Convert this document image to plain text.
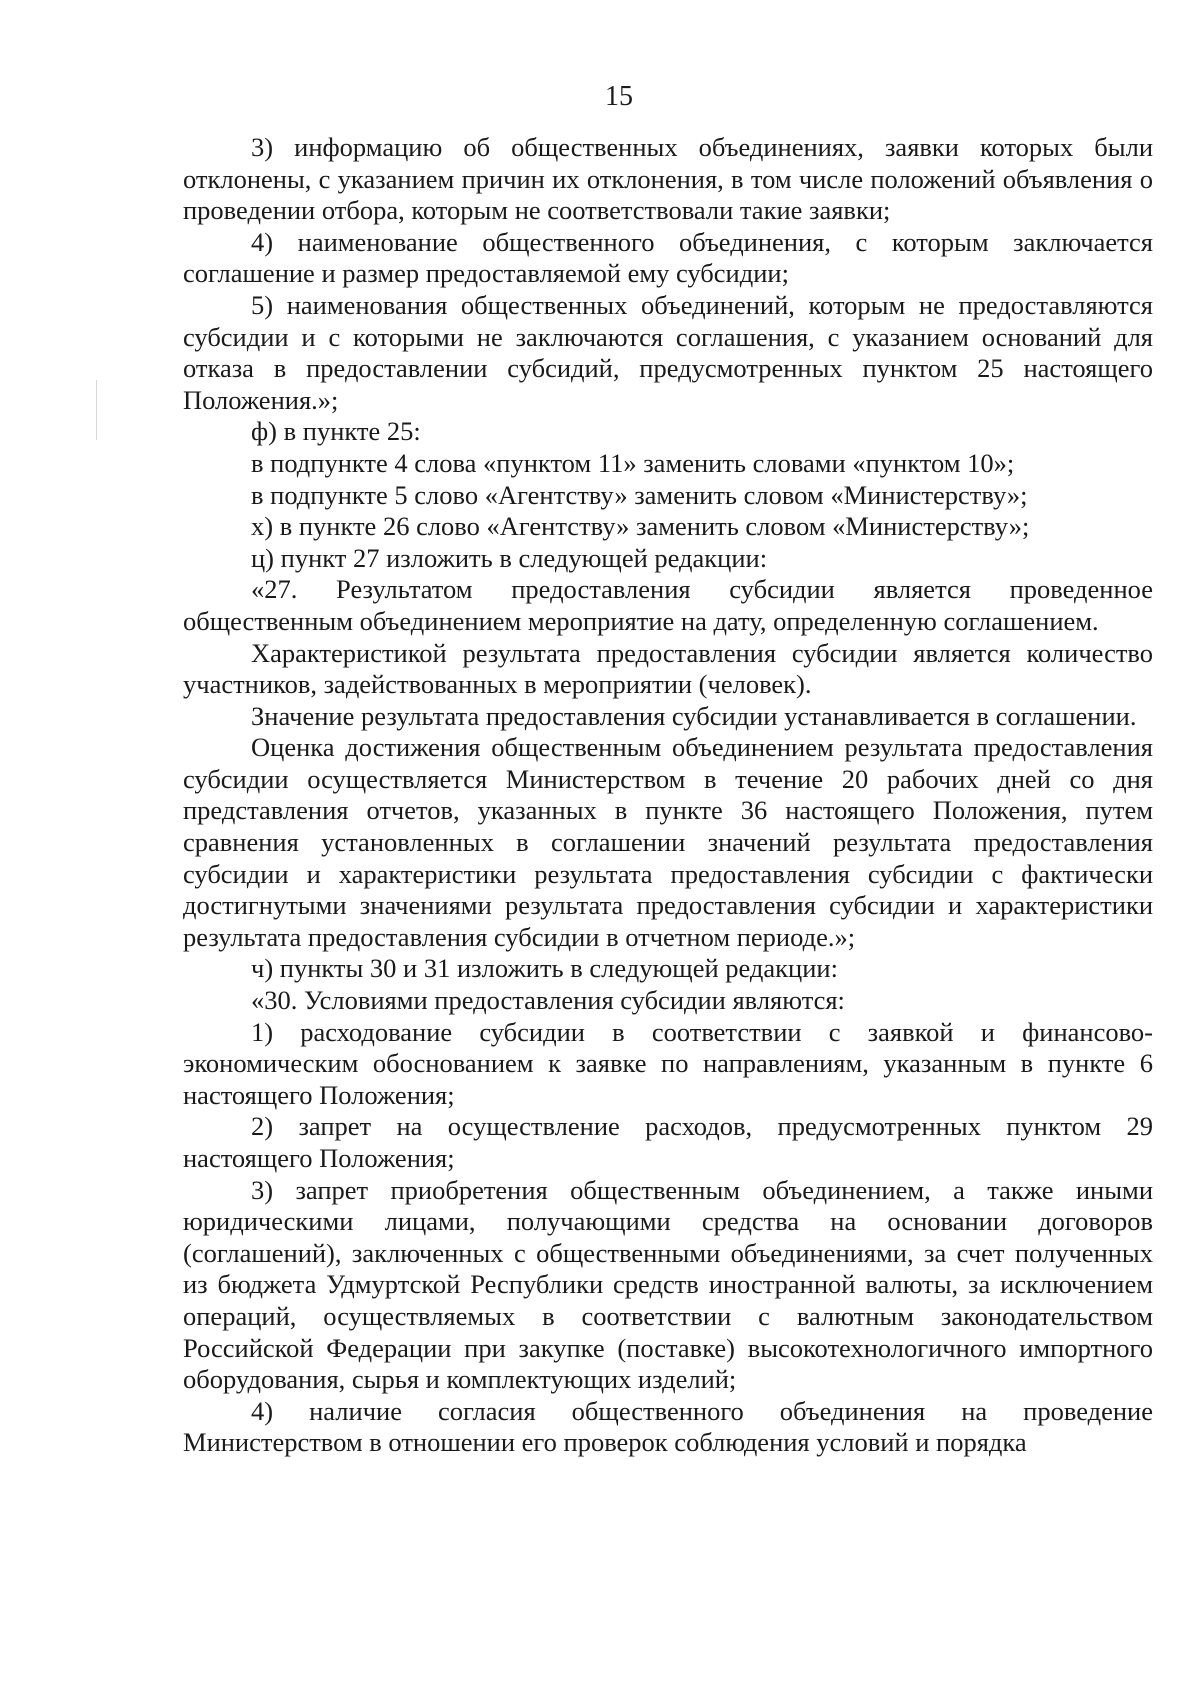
15

3) информацию об общественных объединениях, заявки которых были отклонены, с указанием причин их отклонения, в том числе положений объявления о проведении отбора, которым не соответствовали такие заявки;

4) наименование общественного объединения, с которым заключается соглашение и размер предоставляемой ему субсидии;

5) наименования общественных объединений, которым не предоставляются субсидии и с которыми не заключаются соглашения, с указанием оснований для отказа в предоставлении субсидий, предусмотренных пунктом 25 настоящего Положения.»;

ф) в пункте 25:

в подпункте 4 слова «пунктом 11» заменить словами «пунктом 10»;

в подпункте 5 слово «Агентству» заменить словом «Министерству»;

х) в пункте 26 слово «Агентству» заменить словом «Министерству»;

ц) пункт 27 изложить в следующей редакции:

«27. Результатом предоставления субсидии является проведенное общественным объединением мероприятие на дату, определенную соглашением.

Характеристикой результата предоставления субсидии является количество участников, задействованных в мероприятии (человек).

Значение результата предоставления субсидии устанавливается в соглашении.

Оценка достижения общественным объединением результата предоставления субсидии осуществляется Министерством в течение 20 рабочих дней со дня представления отчетов, указанных в пункте 36 настоящего Положения, путем сравнения установленных в соглашении значений результата предоставления субсидии и характеристики результата предоставления субсидии с фактически достигнутыми значениями результата предоставления субсидии и характеристики результата предоставления субсидии в отчетном периоде.»;

ч) пункты 30 и 31 изложить в следующей редакции:

«30. Условиями предоставления субсидии являются:

1) расходование субсидии в соответствии с заявкой и финансово-экономическим обоснованием к заявке по направлениям, указанным в пункте 6 настоящего Положения;

2) запрет на осуществление расходов, предусмотренных пунктом 29 настоящего Положения;

3) запрет приобретения общественным объединением, а также иными юридическими лицами, получающими средства на основании договоров (соглашений), заключенных с общественными объединениями, за счет полученных из бюджета Удмуртской Республики средств иностранной валюты, за исключением операций, осуществляемых в соответствии с валютным законодательством Российской Федерации при закупке (поставке) высокотехнологичного импортного оборудования, сырья и комплектующих изделий;

4) наличие согласия общественного объединения на проведение Министерством в отношении его проверок соблюдения условий и порядка
